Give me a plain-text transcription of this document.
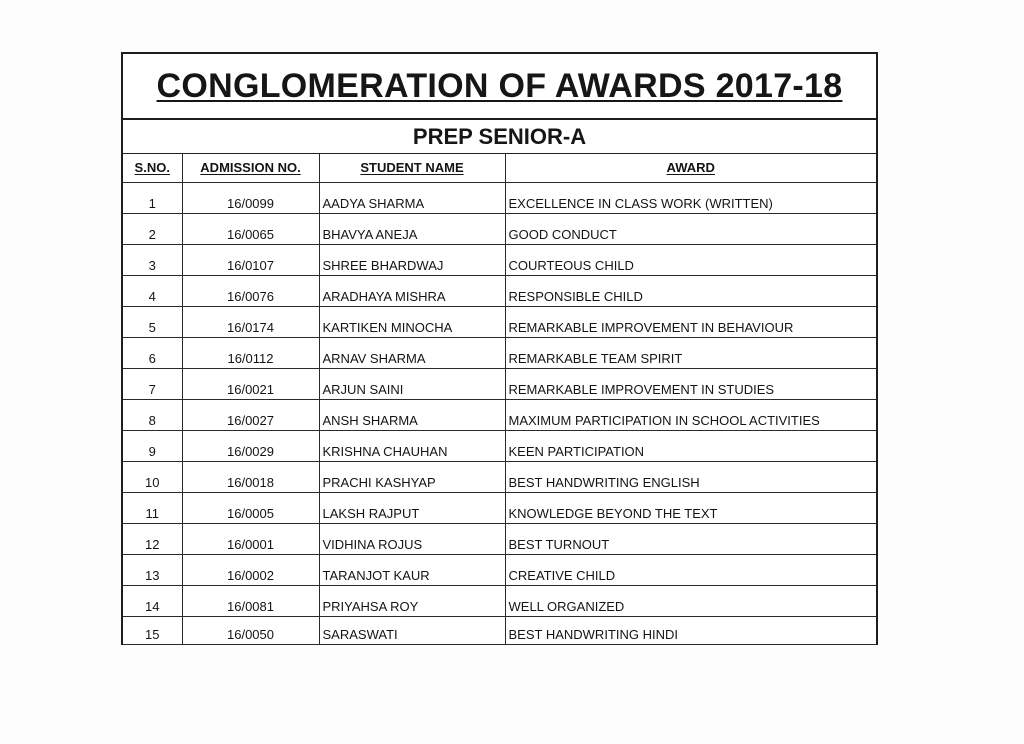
CONGLOMERATION OF AWARDS 2017-18
PREP SENIOR-A
S.NO.	ADMISSION NO.	STUDENT NAME	AWARD
1	16/0099	AADYA SHARMA	EXCELLENCE IN CLASS WORK (WRITTEN)
2	16/0065	BHAVYA ANEJA	GOOD CONDUCT
3	16/0107	SHREE BHARDWAJ	COURTEOUS CHILD
4	16/0076	ARADHAYA MISHRA	RESPONSIBLE CHILD
5	16/0174	KARTIKEN MINOCHA	REMARKABLE IMPROVEMENT IN BEHAVIOUR
6	16/0112	ARNAV SHARMA	REMARKABLE TEAM SPIRIT
7	16/0021	ARJUN SAINI	REMARKABLE IMPROVEMENT IN STUDIES
8	16/0027	ANSH SHARMA	MAXIMUM PARTICIPATION IN SCHOOL ACTIVITIES
9	16/0029	KRISHNA CHAUHAN	KEEN PARTICIPATION
10	16/0018	PRACHI KASHYAP	BEST HANDWRITING ENGLISH
11	16/0005	LAKSH RAJPUT	KNOWLEDGE BEYOND THE TEXT
12	16/0001	VIDHINA ROJUS	BEST TURNOUT
13	16/0002	TARANJOT KAUR	CREATIVE CHILD
14	16/0081	PRIYAHSA ROY	WELL ORGANIZED
15	16/0050	SARASWATI	BEST HANDWRITING HINDI
